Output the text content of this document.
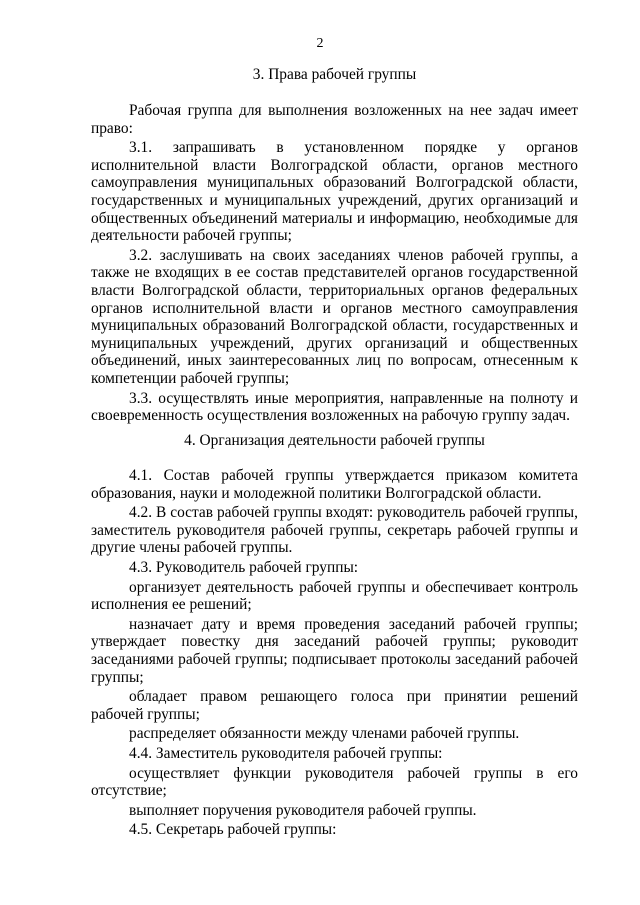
2
3. Права рабочей группы

Рабочая группа для выполнения возложенных на нее задач имеет право:

3.1. запрашивать в установленном порядке у органов исполнительной власти Волгоградской области, органов местного самоуправления муниципальных образований Волгоградской области, государственных и муниципальных учреждений, других организаций и общественных объединений материалы и информацию, необходимые для деятельности рабочей группы;

3.2. заслушивать на своих заседаниях членов рабочей группы, а также не входящих в ее состав представителей органов государственной власти Волгоградской области, территориальных органов федеральных органов исполнительной власти и органов местного самоуправления муниципальных образований Волгоградской области, государственных и муниципальных учреждений, других организаций и общественных объединений, иных заинтересованных лиц по вопросам, отнесенным к компетенции рабочей группы;

3.3. осуществлять иные мероприятия, направленные на полноту и своевременность осуществления возложенных на рабочую группу задач.

4. Организация деятельности рабочей группы

4.1. Состав рабочей группы утверждается приказом комитета образования, науки и молодежной политики Волгоградской области.

4.2. В состав рабочей группы входят: руководитель рабочей группы, заместитель руководителя рабочей группы, секретарь рабочей группы и другие члены рабочей группы.

4.3. Руководитель рабочей группы:

организует деятельность рабочей группы и обеспечивает контроль исполнения ее решений;

назначает дату и время проведения заседаний рабочей группы; утверждает повестку дня заседаний рабочей группы; руководит заседаниями рабочей группы; подписывает протоколы заседаний рабочей группы;

обладает правом решающего голоса при принятии решений рабочей группы;

распределяет обязанности между членами рабочей группы.

4.4. Заместитель руководителя рабочей группы:

осуществляет функции руководителя рабочей группы в его отсутствие;

выполняет поручения руководителя рабочей группы.

4.5. Секретарь рабочей группы:
